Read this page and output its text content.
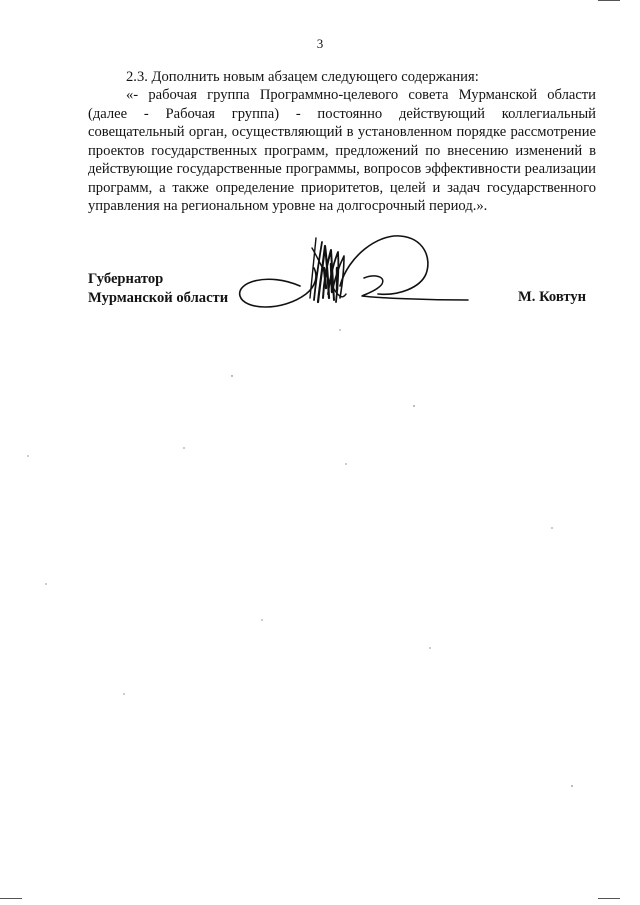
3
2.3. Дополнить новым абзацем следующего содержания:
«- рабочая группа Программно-целевого совета Мурманской области (далее - Рабочая группа) - постоянно действующий коллегиальный совещательный орган, осуществляющий в установленном порядке рассмотрение проектов государственных программ, предложений по внесению изменений в действующие государственные программы, вопросов эффективности реализации программ, а также определение приоритетов, целей и задач государственного управления на региональном уровне на долгосрочный период.».
Губернатор
Мурманской области	М. Ковтун
